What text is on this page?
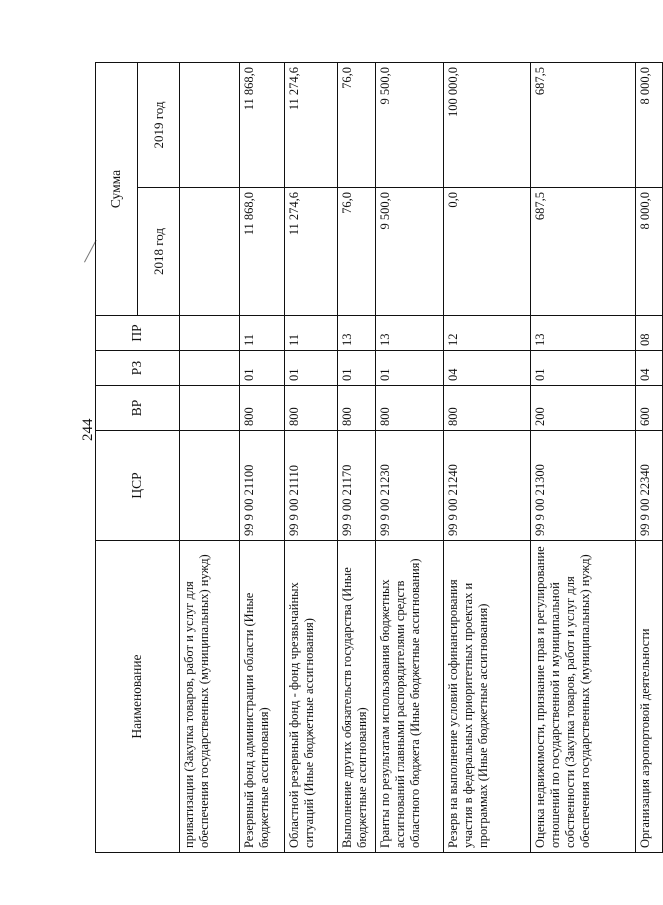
244
Наименование	ЦСР	ВР	РЗ	ПР	Сумма	
					2018 год	2019 год
приватизации (Закупка товаров, работ и услуг для обеспечения государственных (муниципальных) нужд)						
Резервный фонд администрации области (Иные бюджетные ассигнования)	99 9 00 21100	800	01	11	11 868,0	11 868,0
Областной резервный фонд - фонд чрезвычайных ситуаций (Иные бюджетные ассигнования)	99 9 00 21110	800	01	11	11 274,6	11 274,6
Выполнение других обязательств государства (Иные бюджетные ассигнования)	99 9 00 21170	800	01	13	76,0	76,0
Гранты по результатам использования бюджетных ассигнований главными распорядителями средств областного бюджета (Иные бюджетные ассигнования)	99 9 00 21230	800	01	13	9 500,0	9 500,0
Резерв на выполнение условий софинансирования участия в федеральных приоритетных проектах и программах (Иные бюджетные ассигнования)	99 9 00 21240	800	04	12	0,0	100 000,0
Оценка недвижимости, признание прав и регулирование отношений по государственной и муниципальной собственности (Закупка товаров, работ и услуг для обеспечения государственных (муниципальных) нужд)	99 9 00 21300	200	01	13	687,5	687,5
Организация аэропортовой деятельности	99 9 00 22340	600	04	08	8 000,0	8 000,0
